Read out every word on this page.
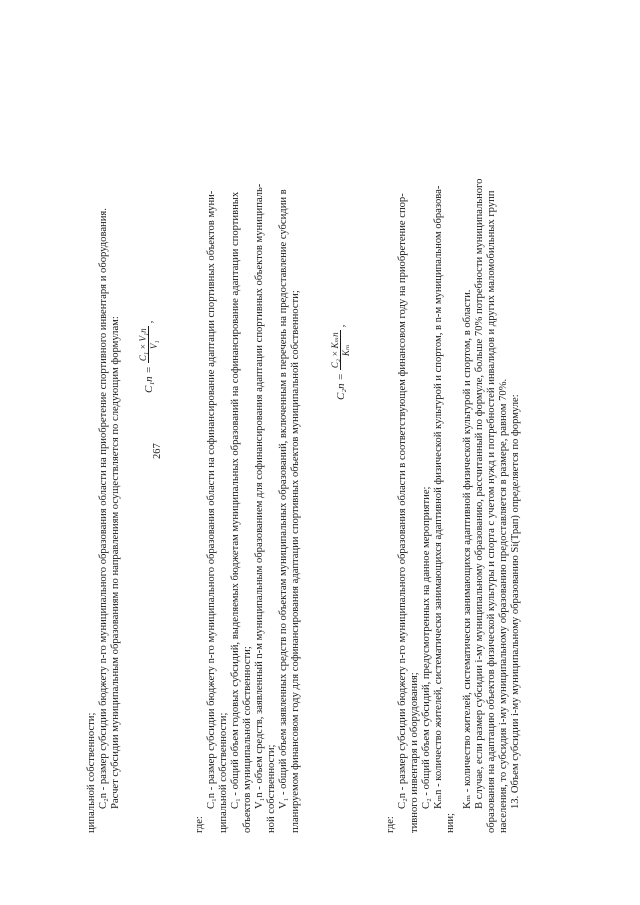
267
ципальной собственности; C₂n - размер субсидии бюджету n-го муниципального образования области на приобретение спортивного инвентаря и оборудования. Расчет субсидии муниципальным образованиям по направлениям осуществляется по следующим формулам: C₁n =
C₁ × V₁n V₁
,
где:
C₁n - размер субсидии бюджету n-го муниципального образования области на софинансирование адаптации спортивных объектов муни- ципальной собственности; C₁ - общий объем годовых субсидий, выделяемых бюджетам муниципальных образований на софинансирование адаптации спортивных объектов муниципальной собственности; V₁n - объем средств, заявленный n-м муниципальным образованием для софинансирования адаптации спортивных объектов муниципаль- ной собственности; V₁ - общий объем заявленных средств по объектам муниципальных образований, включенным в перечень на предоставление субсидии в планируемом финансовом году для софинансирования адаптации спортивных объектов муниципальной собственности;	C₂n =
C₂ × Kₘn Kₘ
,
где:
C₂n - размер субсидии бюджету n-го муниципального образования области в соответствующем финансовом году на приобретение спор- тивного инвентаря и оборудования; C₂ - общий объем субсидий, предусмотренных на данное мероприятие; Kₘn - количество жителей, систематически занимающихся адаптивной физической культурой и спортом, в n-м муниципальном образова-
нии;
Kₘ - количество жителей, систематически занимающихся адаптивной физической культурой и спортом, в области. В случае, если размер субсидии i-му муниципальному образованию, рассчитанный по формуле, больше 70% потребности муниципального образования на адаптацию объектов физической культуры и спорта с учетом нужд и потребностей инвалидов и других маломобильных групп населения, то субсидия i-му муниципальному образованию предоставляется в размере, равном 70%. 13. Объем субсидии i-му муниципальному образованию Si(Трап) определяется по формуле:
